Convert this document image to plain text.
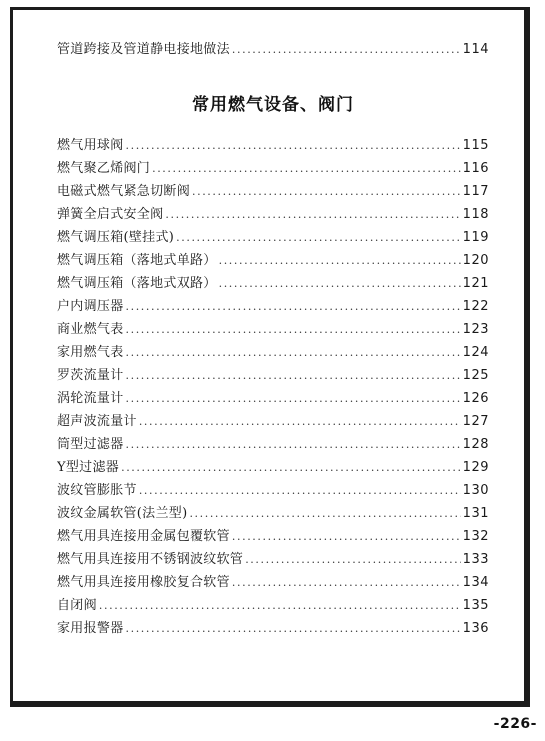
管道跨接及管道静电接地做法 .....	114
常用燃气设备、阀门
燃气用球阀 .....	115
燃气聚乙烯阀门 .....	116
电磁式燃气紧急切断阀 .....	117
弹簧全启式安全阀 .....	118
燃气调压箱(壁挂式) .....	119
燃气调压箱（落地式单路） .....	120
燃气调压箱（落地式双路） .....	121
户内调压器 .....	122
商业燃气表 .....	123
家用燃气表 .....	124
罗茨流量计 .....	125
涡轮流量计 .....	126
超声波流量计 .....	127
筒型过滤器 .....	128
Y型过滤器 .....	129
波纹管膨胀节 .....	130
波纹金属软管(法兰型) .....	131
燃气用具连接用金属包覆软管 .....	132
燃气用具连接用不锈钢波纹软管 .....	133
燃气用具连接用橡胶复合软管 .....	134
自闭阀 .....	135
家用报警器 .....	136
-226-
